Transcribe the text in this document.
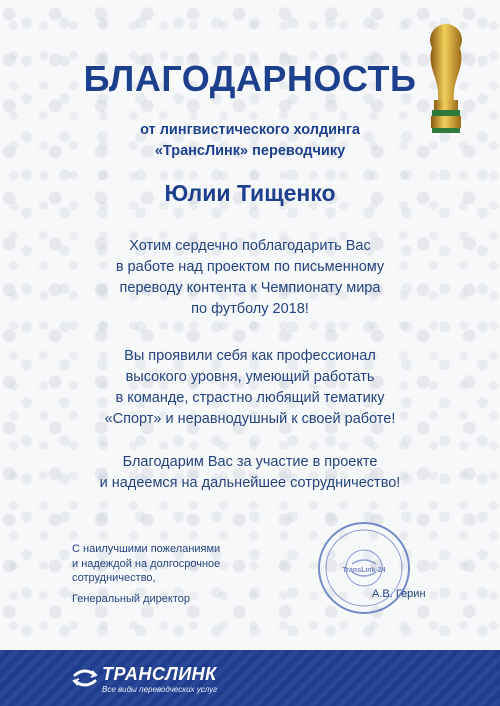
БЛАГОДАРНОСТЬ
от лингвистического холдинга
«ТрансЛинк» переводчику
Юлии Тищенко
Хотим сердечно поблагодарить Вас
в работе над проектом по письменному
переводу контента к Чемпионату мира
по футболу 2018!
Вы проявили себя как профессионал
высокого уровня, умеющий работать
в команде, страстно любящий тематику
«Спорт» и неравнодушный к своей работе!
Благодарим Вас за участие в проекте
и надеемся на дальнейшее сотрудничество!
С наилучшими пожеланиями
и надеждой на долгосрочное
сотрудничество,
Генеральный директор
TransLink-24
А.В. Герин
ТРАНСЛИНК
Все виды переводческих услуг
